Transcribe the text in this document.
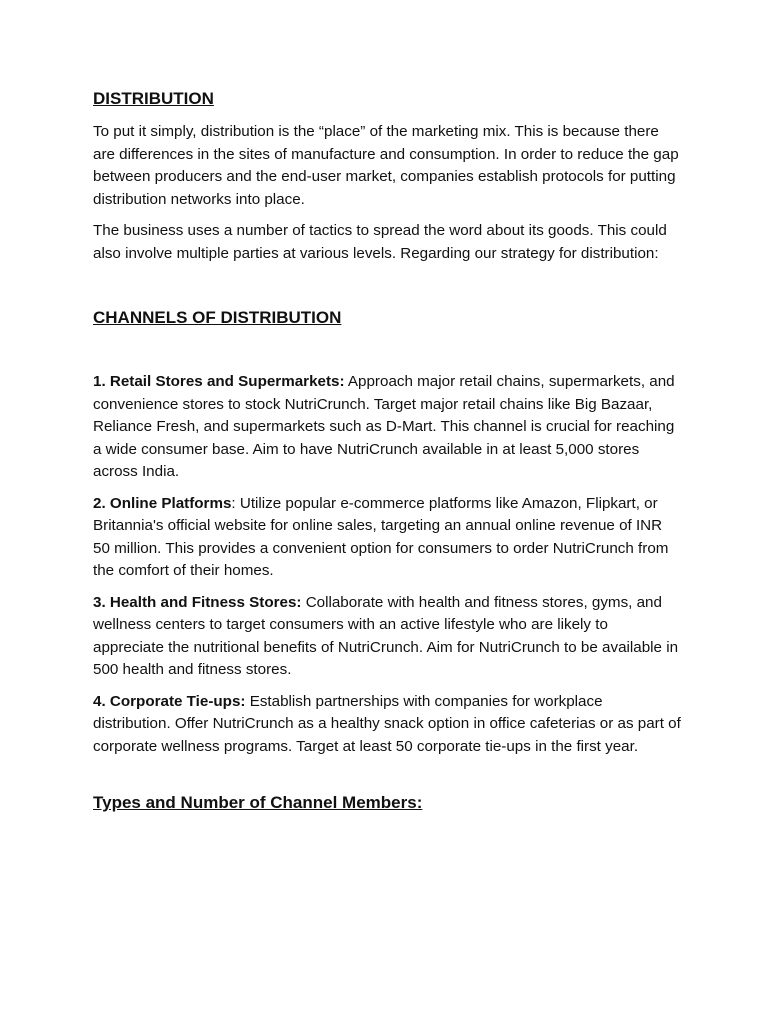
DISTRIBUTION

To put it simply, distribution is the “place” of the marketing mix. This is because there are differences in the sites of manufacture and consumption. In order to reduce the gap between producers and the end-user market, companies establish protocols for putting distribution networks into place.

The business uses a number of tactics to spread the word about its goods. This could also involve multiple parties at various levels. Regarding our strategy for distribution:

CHANNELS OF DISTRIBUTION

1. Retail Stores and Supermarkets: Approach major retail chains, supermarkets, and convenience stores to stock NutriCrunch. Target major retail chains like Big Bazaar, Reliance Fresh, and supermarkets such as D-Mart. This channel is crucial for reaching a wide consumer base. Aim to have NutriCrunch available in at least 5,000 stores across India.

2. Online Platforms: Utilize popular e-commerce platforms like Amazon, Flipkart, or Britannia's official website for online sales, targeting an annual online revenue of INR 50 million. This provides a convenient option for consumers to order NutriCrunch from the comfort of their homes.

3. Health and Fitness Stores: Collaborate with health and fitness stores, gyms, and wellness centers to target consumers with an active lifestyle who are likely to appreciate the nutritional benefits of NutriCrunch. Aim for NutriCrunch to be available in 500 health and fitness stores.

4. Corporate Tie-ups: Establish partnerships with companies for workplace distribution. Offer NutriCrunch as a healthy snack option in office cafeterias or as part of corporate wellness programs. Target at least 50 corporate tie-ups in the first year.

Types and Number of Channel Members:
